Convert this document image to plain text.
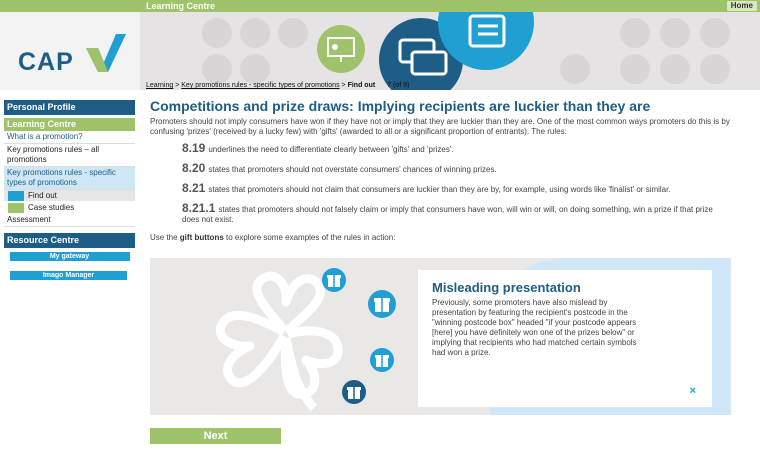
Learning Centre	Home
CAP
Learning > Key promotions rules - specific types of promotions > Find out 7 (of 9)
Personal Profile
Learning Centre
What is a promotion?
Key promotions rules – all promotions
Key promotions rules - specific types of promotions
Find out
Case studies
Assessment
Resource Centre
My gateway
Imago Manager
Competitions and prize draws: Implying recipients are luckier than they are
Promoters should not imply consumers have won if they have not or imply that they are luckier than they are. One of the most common ways promoters do this is by confusing 'prizes' (received by a lucky few) with 'gifts' (awarded to all or a significant proportion of entrants). The rules:
8.19 underlines the need to differentiate clearly between 'gifts' and 'prizes'.
8.20 states that promoters should not overstate consumers' chances of winning prizes.
8.21 states that promoters should not claim that consumers are luckier than they are by, for example, using words like 'finalist' or similar.
8.21.1 states that promoters should not falsely claim or imply that consumers have won, will win or will, on doing something, win a prize if that prize does not exist.
Use the gift buttons to explore some examples of the rules in action:
Misleading presentation
Previously, some promoters have also mislead by presentation by featuring the recipient's postcode in the "winning postcode box" headed "if your postcode appears [here] you have definitely won one of the prizes below" or implying that recipients who had matched certain symbols had won a prize.
×
Next
